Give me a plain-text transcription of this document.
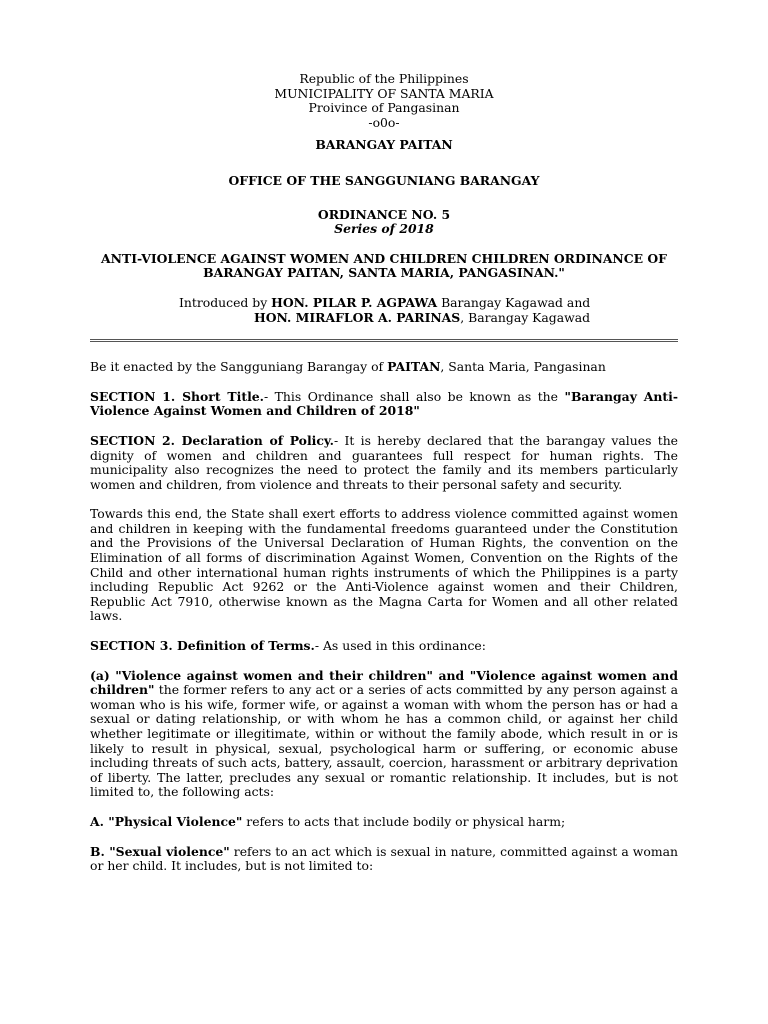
Republic of the Philippines
MUNICIPALITY OF SANTA MARIA
Proivince of Pangasinan
-o0o-
BARANGAY PAITAN
OFFICE OF THE SANGGUNIANG BARANGAY
ORDINANCE NO. 5
Series of 2018
ANTI-VIOLENCE AGAINST WOMEN AND CHILDREN CHILDREN ORDINANCE OF
BARANGAY PAITAN, SANTA MARIA, PANGASINAN."
Introduced by HON. PILAR P. AGPAWA Barangay Kagawad and
HON. MIRAFLOR A. PARINAS, Barangay Kagawad

Be it enacted by the Sangguniang Barangay of PAITAN, Santa Maria, Pangasinan

SECTION 1. Short Title.- This Ordinance shall also be known as the "Barangay Anti-Violence Against Women and Children of 2018"

SECTION 2. Declaration of Policy.- It is hereby declared that the barangay values the dignity of women and children and guarantees full respect for human rights. The municipality also recognizes the need to protect the family and its members particularly women and children, from violence and threats to their personal safety and security.

Towards this end, the State shall exert efforts to address violence committed against women and children in keeping with the fundamental freedoms guaranteed under the Constitution and the Provisions of the Universal Declaration of Human Rights, the convention on the Elimination of all forms of discrimination Against Women, Convention on the Rights of the Child and other international human rights instruments of which the Philippines is a party including Republic Act 9262 or the Anti-Violence against women and their Children, Republic Act 7910, otherwise known as the Magna Carta for Women and all other related laws.

SECTION 3. Definition of Terms.- As used in this ordinance:

(a) "Violence against women and their children" and "Violence against women and children" the former refers to any act or a series of acts committed by any person against a woman who is his wife, former wife, or against a woman with whom the person has or had a sexual or dating relationship, or with whom he has a common child, or against her child whether legitimate or illegitimate, within or without the family abode, which result in or is likely to result in physical, sexual, psychological harm or suffering, or economic abuse including threats of such acts, battery, assault, coercion, harassment or arbitrary deprivation of liberty. The latter, precludes any sexual or romantic relationship. It includes, but is not limited to, the following acts:

A. "Physical Violence" refers to acts that include bodily or physical harm;

B. "Sexual violence" refers to an act which is sexual in nature, committed against a woman or her child. It includes, but is not limited to:
